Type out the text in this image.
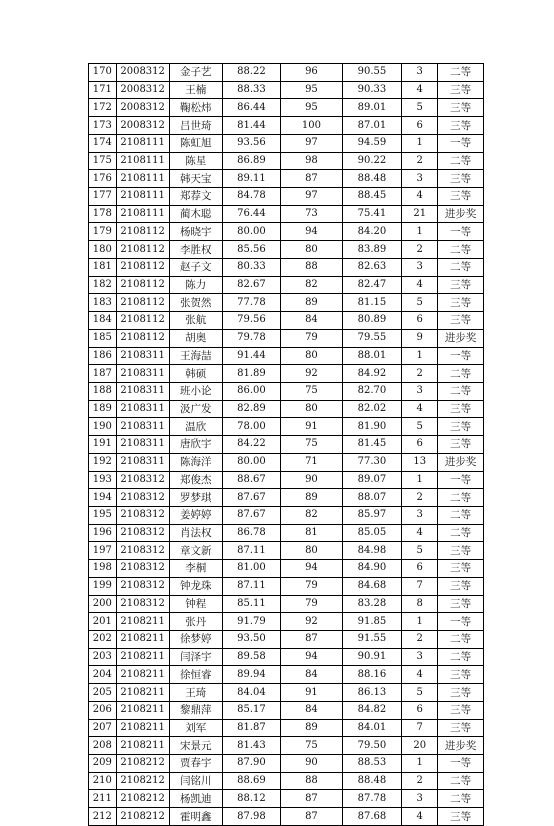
170	2008312	金子艺	88.22	96	90.55	3	二等
171	2008312	王楠	88.33	95	90.33	4	三等
172	2008312	鞠松炜	86.44	95	89.01	5	三等
173	2008312	吕世琦	81.44	100	87.01	6	三等
174	2108111	陈虹旭	93.56	97	94.59	1	一等
175	2108111	陈星	86.89	98	90.22	2	二等
176	2108111	韩天宝	89.11	87	88.48	3	三等
177	2108111	郑荐文	84.78	97	88.45	4	三等
178	2108111	蔺木聪	76.44	73	75.41	21	进步奖
179	2108112	杨晓宇	80.00	94	84.20	1	一等
180	2108112	李胜权	85.56	80	83.89	2	二等
181	2108112	赵子文	80.33	88	82.63	3	二等
182	2108112	陈力	82.67	82	82.47	4	三等
183	2108112	张贺然	77.78	89	81.15	5	三等
184	2108112	张航	79.56	84	80.89	6	三等
185	2108112	胡奥	79.78	79	79.55	9	进步奖
186	2108311	王海喆	91.44	80	88.01	1	一等
187	2108311	韩硕	81.89	92	84.92	2	二等
188	2108311	班小论	86.00	75	82.70	3	二等
189	2108311	汲广发	82.89	80	82.02	4	三等
190	2108311	温欣	78.00	91	81.90	5	三等
191	2108311	唐欣宇	84.22	75	81.45	6	三等
192	2108311	陈海洋	80.00	71	77.30	13	进步奖
193	2108312	郑俊杰	88.67	90	89.07	1	一等
194	2108312	罗梦琪	87.67	89	88.07	2	二等
195	2108312	姜婷婷	87.67	82	85.97	3	二等
196	2108312	肖法权	86.78	81	85.05	4	二等
197	2108312	章文新	87.11	80	84.98	5	三等
198	2108312	李桐	81.00	94	84.90	6	三等
199	2108312	钟龙珠	87.11	79	84.68	7	三等
200	2108312	钟程	85.11	79	83.28	8	三等
201	2108211	张丹	91.79	92	91.85	1	一等
202	2108211	徐梦婷	93.50	87	91.55	2	二等
203	2108211	闫泽宇	89.58	94	90.91	3	二等
204	2108211	徐恒睿	89.94	84	88.16	4	三等
205	2108211	王琦	84.04	91	86.13	5	三等
206	2108211	黎鼎萍	85.17	84	84.82	6	三等
207	2108211	刘军	81.87	89	84.01	7	三等
208	2108211	宋景元	81.43	75	79.50	20	进步奖
209	2108212	贾春宇	87.90	90	88.53	1	一等
210	2108212	闫铭川	88.69	88	88.48	2	二等
211	2108212	杨凯迪	88.12	87	87.78	3	二等
212	2108212	霍明鑫	87.98	87	87.68	4	三等
